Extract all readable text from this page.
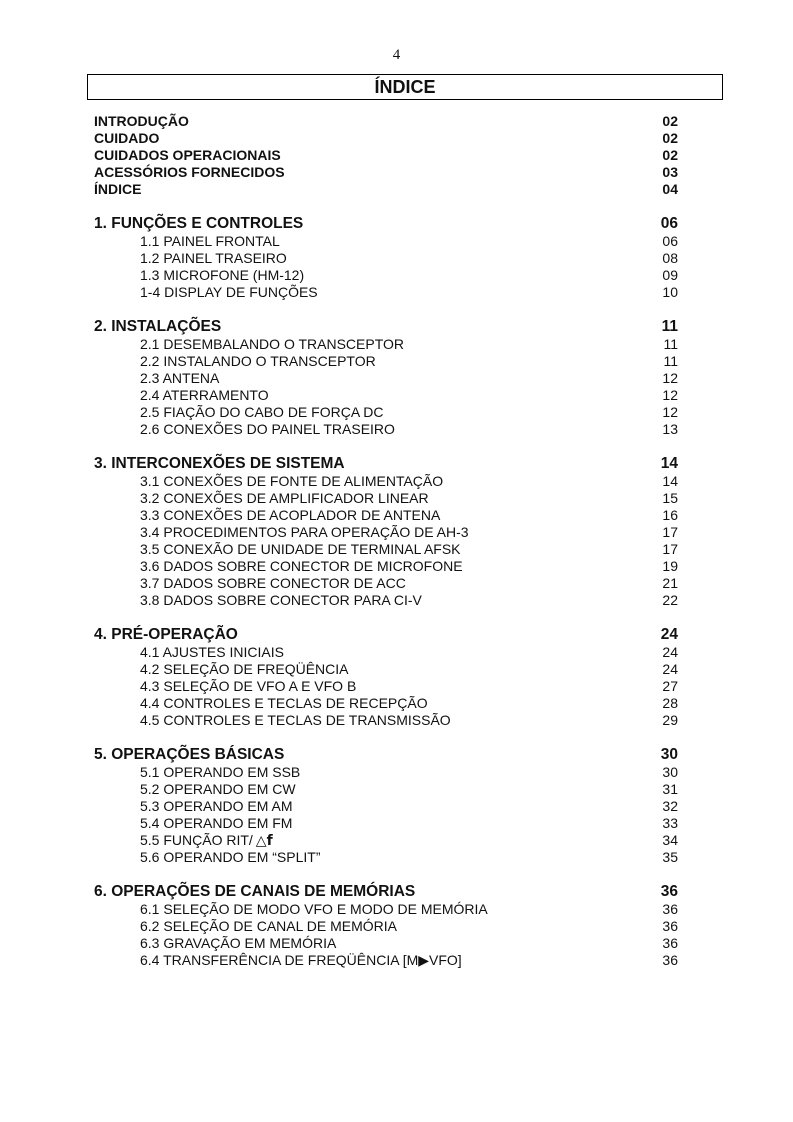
4
ÍNDICE
INTRODUÇÃO	02
CUIDADO	02
CUIDADOS OPERACIONAIS	02
ACESSÓRIOS FORNECIDOS	03
ÍNDICE	04
1. FUNÇÕES E CONTROLES	06
1.1 PAINEL FRONTAL	06
1.2 PAINEL TRASEIRO	08
1.3 MICROFONE (HM-12)	09
1-4 DISPLAY DE FUNÇÕES	10
2. INSTALAÇÕES	11
2.1 DESEMBALANDO O TRANSCEPTOR	11
2.2 INSTALANDO O TRANSCEPTOR	11
2.3 ANTENA	12
2.4 ATERRAMENTO	12
2.5 FIAÇÃO DO CABO DE FORÇA DC	12
2.6 CONEXÕES DO PAINEL TRASEIRO	13
3. INTERCONEXÕES DE SISTEMA	14
3.1 CONEXÕES DE FONTE DE ALIMENTAÇÃO	14
3.2 CONEXÕES DE AMPLIFICADOR LINEAR	15
3.3 CONEXÕES DE ACOPLADOR DE ANTENA	16
3.4 PROCEDIMENTOS PARA OPERAÇÃO DE AH-3	17
3.5 CONEXÃO DE UNIDADE DE TERMINAL AFSK	17
3.6 DADOS SOBRE CONECTOR DE MICROFONE	19
3.7 DADOS SOBRE CONECTOR DE ACC	21
3.8 DADOS SOBRE CONECTOR PARA CI-V	22
4. PRÉ-OPERAÇÃO	24
4.1 AJUSTES INICIAIS	24
4.2 SELEÇÃO DE FREQÜÊNCIA	24
4.3 SELEÇÃO DE VFO A E VFO B	27
4.4 CONTROLES E TECLAS DE RECEPÇÃO	28
4.5 CONTROLES E TECLAS DE TRANSMISSÃO	29
5. OPERAÇÕES BÁSICAS	30
5.1 OPERANDO EM SSB	30
5.2 OPERANDO EM CW	31
5.3 OPERANDO EM AM	32
5.4 OPERANDO EM FM	33
5.5 FUNÇÃO RIT/ △f	34
5.6 OPERANDO EM “SPLIT”	35
6. OPERAÇÕES DE CANAIS DE MEMÓRIAS	36
6.1 SELEÇÃO DE MODO VFO E MODO DE MEMÓRIA	36
6.2 SELEÇÃO DE CANAL DE MEMÓRIA	36
6.3 GRAVAÇÃO EM MEMÓRIA	36
6.4 TRANSFERÊNCIA DE FREQÜÊNCIA [M▶VFO]	36
